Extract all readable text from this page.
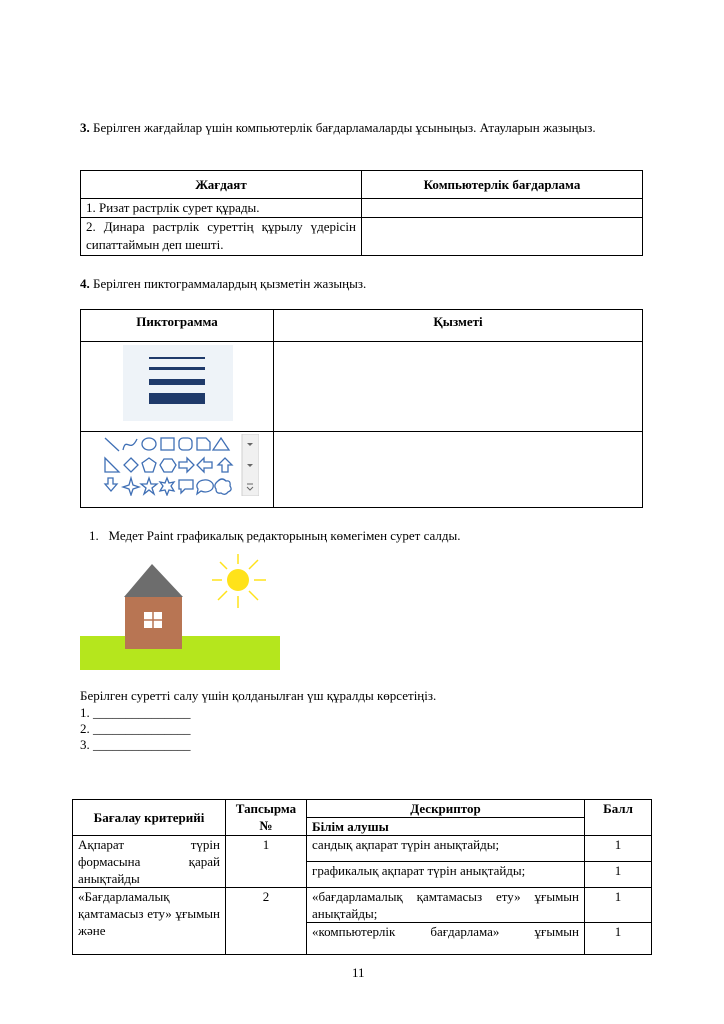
3. Берілген жағдайлар үшін компьютерлік бағдарламаларды ұсыныңыз. Атауларын жазыңыз.
Жағдаят	Компьютерлік бағдарлама
1. Ризат растрлік сурет құрады.	
2. Динара растрлік суреттің құрылу үдерісін сипаттаймын деп шешті.	
4. Берілген пиктограммалардың қызметін жазыңыз.
Пиктограмма	Қызметі

1. Медет Paint графикалық редакторының көмегімен сурет салды.
Берілген суретті салу үшін қолданылған үш құралды көрсетіңіз.
1. _______________
2. _______________
3. _______________
Бағалау критерийі	Тапсырма №	Дескриптор	Балл
		Білім алушы	
Ақпарат түрін формасына қарай анықтайды	1	сандық ақпарат түрін анықтайды;	1
		графикалық ақпарат түрін анықтайды;	1
«Бағдарламалық қамтамасыз ету» ұғымын және	2	«бағдарламалық қамтамасыз ету» ұғымын анықтайды;	1
		«компьютерлік бағдарлама» ұғымын	1
11
